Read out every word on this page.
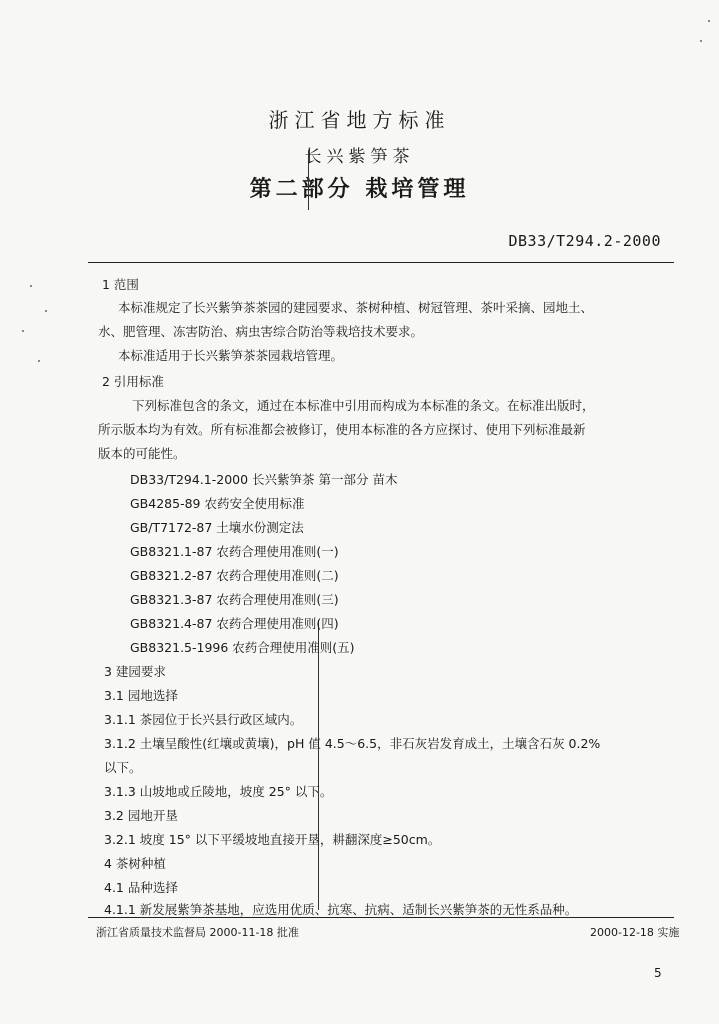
浙江省地方标准
长兴紫笋茶
第二部分 栽培管理
DB33/T294.2-2000
1 范围
本标准规定了长兴紫笋茶茶园的建园要求、茶树种植、树冠管理、茶叶采摘、园地土、
水、肥管理、冻害防治、病虫害综合防治等栽培技术要求。
本标准适用于长兴紫笋茶茶园栽培管理。
2 引用标准
下列标准包含的条文，通过在本标准中引用而构成为本标准的条文。在标准出版时，
所示版本均为有效。所有标准都会被修订，使用本标准的各方应探讨、使用下列标准最新
版本的可能性。
DB33/T294.1-2000 长兴紫笋茶 第一部分 苗木
GB4285-89 农药安全使用标准
GB/T7172-87 土壤水份测定法
GB8321.1-87 农药合理使用准则(一)
GB8321.2-87 农药合理使用准则(二)
GB8321.3-87 农药合理使用准则(三)
GB8321.4-87 农药合理使用准则(四)
GB8321.5-1996 农药合理使用准则(五)
3 建园要求
3.1 园地选择
3.1.1 茶园位于长兴县行政区域内。
3.1.2 土壤呈酸性(红壤或黄壤)，pH 值 4.5～6.5，非石灰岩发育成土，土壤含石灰 0.2%
以下。
3.1.3 山坡地或丘陵地，坡度 25° 以下。
3.2 园地开垦
3.2.1 坡度 15° 以下平缓坡地直接开垦，耕翻深度≥50cm。
4 茶树种植
4.1 品种选择
4.1.1 新发展紫笋茶基地，应选用优质、抗寒、抗病、适制长兴紫笋茶的无性系品种。
浙江省质量技术监督局 2000-11-18 批准	2000-12-18 实施
5
